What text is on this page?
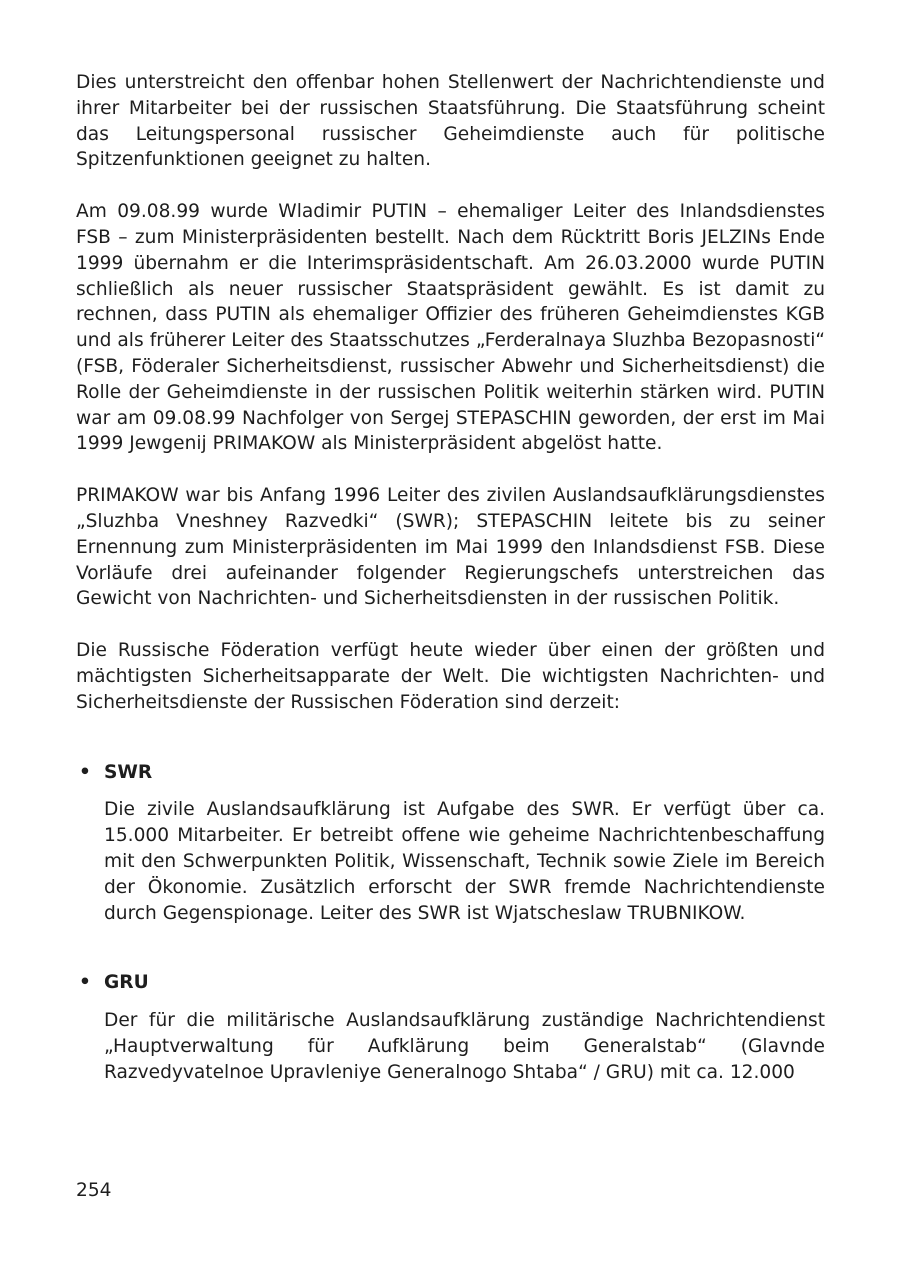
Dies unterstreicht den offenbar hohen Stellenwert der Nachrichtendienste und ihrer Mitarbeiter bei der russischen Staatsführung. Die Staatsführung scheint das Leitungspersonal russischer Geheimdienste auch für politische Spitzenfunktionen geeignet zu halten.

Am 09.08.99 wurde Wladimir PUTIN – ehemaliger Leiter des Inlandsdienstes FSB – zum Ministerpräsidenten bestellt. Nach dem Rücktritt Boris JELZINs Ende 1999 übernahm er die Interimspräsidentschaft. Am 26.03.2000 wurde PUTIN schließlich als neuer russischer Staatspräsident gewählt. Es ist damit zu rechnen, dass PUTIN als ehemaliger Offizier des früheren Geheimdienstes KGB und als früherer Leiter des Staatsschutzes „Ferderalnaya Sluzhba Bezopasnosti“ (FSB, Föderaler Sicherheitsdienst, russischer Abwehr und Sicherheitsdienst) die Rolle der Geheimdienste in der russischen Politik weiterhin stärken wird. PUTIN war am 09.08.99 Nachfolger von Sergej STEPASCHIN geworden, der erst im Mai 1999 Jewgenij PRIMAKOW als Ministerpräsident abgelöst hatte.

PRIMAKOW war bis Anfang 1996 Leiter des zivilen Auslandsaufklärungsdienstes „Sluzhba Vneshney Razvedki“ (SWR); STEPASCHIN leitete bis zu seiner Ernennung zum Ministerpräsidenten im Mai 1999 den Inlandsdienst FSB. Diese Vorläufe drei aufeinander folgender Regierungschefs unterstreichen das Gewicht von Nachrichten- und Sicherheitsdiensten in der russischen Politik.

Die Russische Föderation verfügt heute wieder über einen der größten und mächtigsten Sicherheitsapparate der Welt. Die wichtigsten Nachrichten- und Sicherheitsdienste der Russischen Föderation sind derzeit:

• SWR

Die zivile Auslandsaufklärung ist Aufgabe des SWR. Er verfügt über ca. 15.000 Mitarbeiter. Er betreibt offene wie geheime Nachrichtenbeschaffung mit den Schwerpunkten Politik, Wissenschaft, Technik sowie Ziele im Bereich der Ökonomie. Zusätzlich erforscht der SWR fremde Nachrichtendienste durch Gegenspionage. Leiter des SWR ist Wjatscheslaw TRUBNIKOW.

• GRU

Der für die militärische Auslandsaufklärung zuständige Nachrichtendienst „Hauptverwaltung für Aufklärung beim Generalstab“ (Glavnde Razvedyvatelnoe Upravleniye Generalnogo Shtaba“ / GRU) mit ca. 12.000

254
